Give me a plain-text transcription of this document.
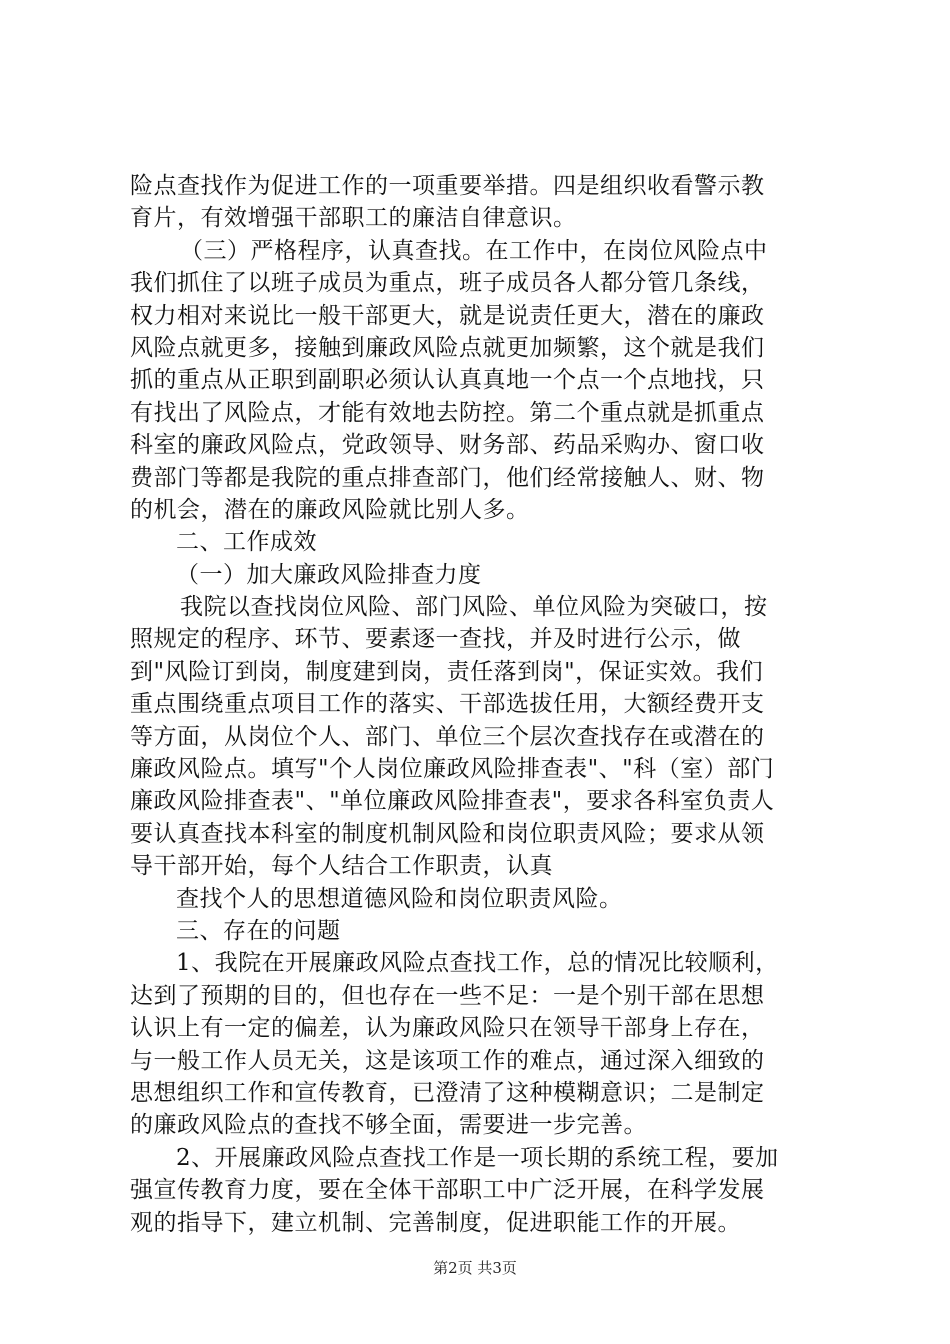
险点查找作为促进工作的一项重要举措。四是组织收看警示教
育片，有效增强干部职工的廉洁自律意识。
（三）严格程序，认真查找。在工作中，在岗位风险点中
我们抓住了以班子成员为重点，班子成员各人都分管几条线，
权力相对来说比一般干部更大，就是说责任更大，潜在的廉政
风险点就更多，接触到廉政风险点就更加频繁，这个就是我们
抓的重点从正职到副职必须认认真真地一个点一个点地找，只
有找出了风险点，才能有效地去防控。第二个重点就是抓重点
科室的廉政风险点，党政领导、财务部、药品采购办、窗口收
费部门等都是我院的重点排查部门，他们经常接触人、财、物
的机会，潜在的廉政风险就比别人多。
二、工作成效
（一）加大廉政风险排查力度
我院以查找岗位风险、部门风险、单位风险为突破口，按
照规定的程序、环节、要素逐一查找，并及时进行公示，做
到"风险订到岗，制度建到岗，责任落到岗"，保证实效。我们
重点围绕重点项目工作的落实、干部选拔任用，大额经费开支
等方面，从岗位个人、部门、单位三个层次查找存在或潜在的
廉政风险点。填写"个人岗位廉政风险排查表"、"科（室）部门
廉政风险排查表"、"单位廉政风险排查表"，要求各科室负责人
要认真查找本科室的制度机制风险和岗位职责风险；要求从领
导干部开始，每个人结合工作职责，认真
查找个人的思想道德风险和岗位职责风险。
三、存在的问题
1、我院在开展廉政风险点查找工作，总的情况比较顺利，
达到了预期的目的，但也存在一些不足：一是个别干部在思想
认识上有一定的偏差，认为廉政风险只在领导干部身上存在，
与一般工作人员无关，这是该项工作的难点，通过深入细致的
思想组织工作和宣传教育，已澄清了这种模糊意识；二是制定
的廉政风险点的查找不够全面，需要进一步完善。
2、开展廉政风险点查找工作是一项长期的系统工程，要加
强宣传教育力度，要在全体干部职工中广泛开展，在科学发展
观的指导下，建立机制、完善制度，促进职能工作的开展。
第2页 共3页
